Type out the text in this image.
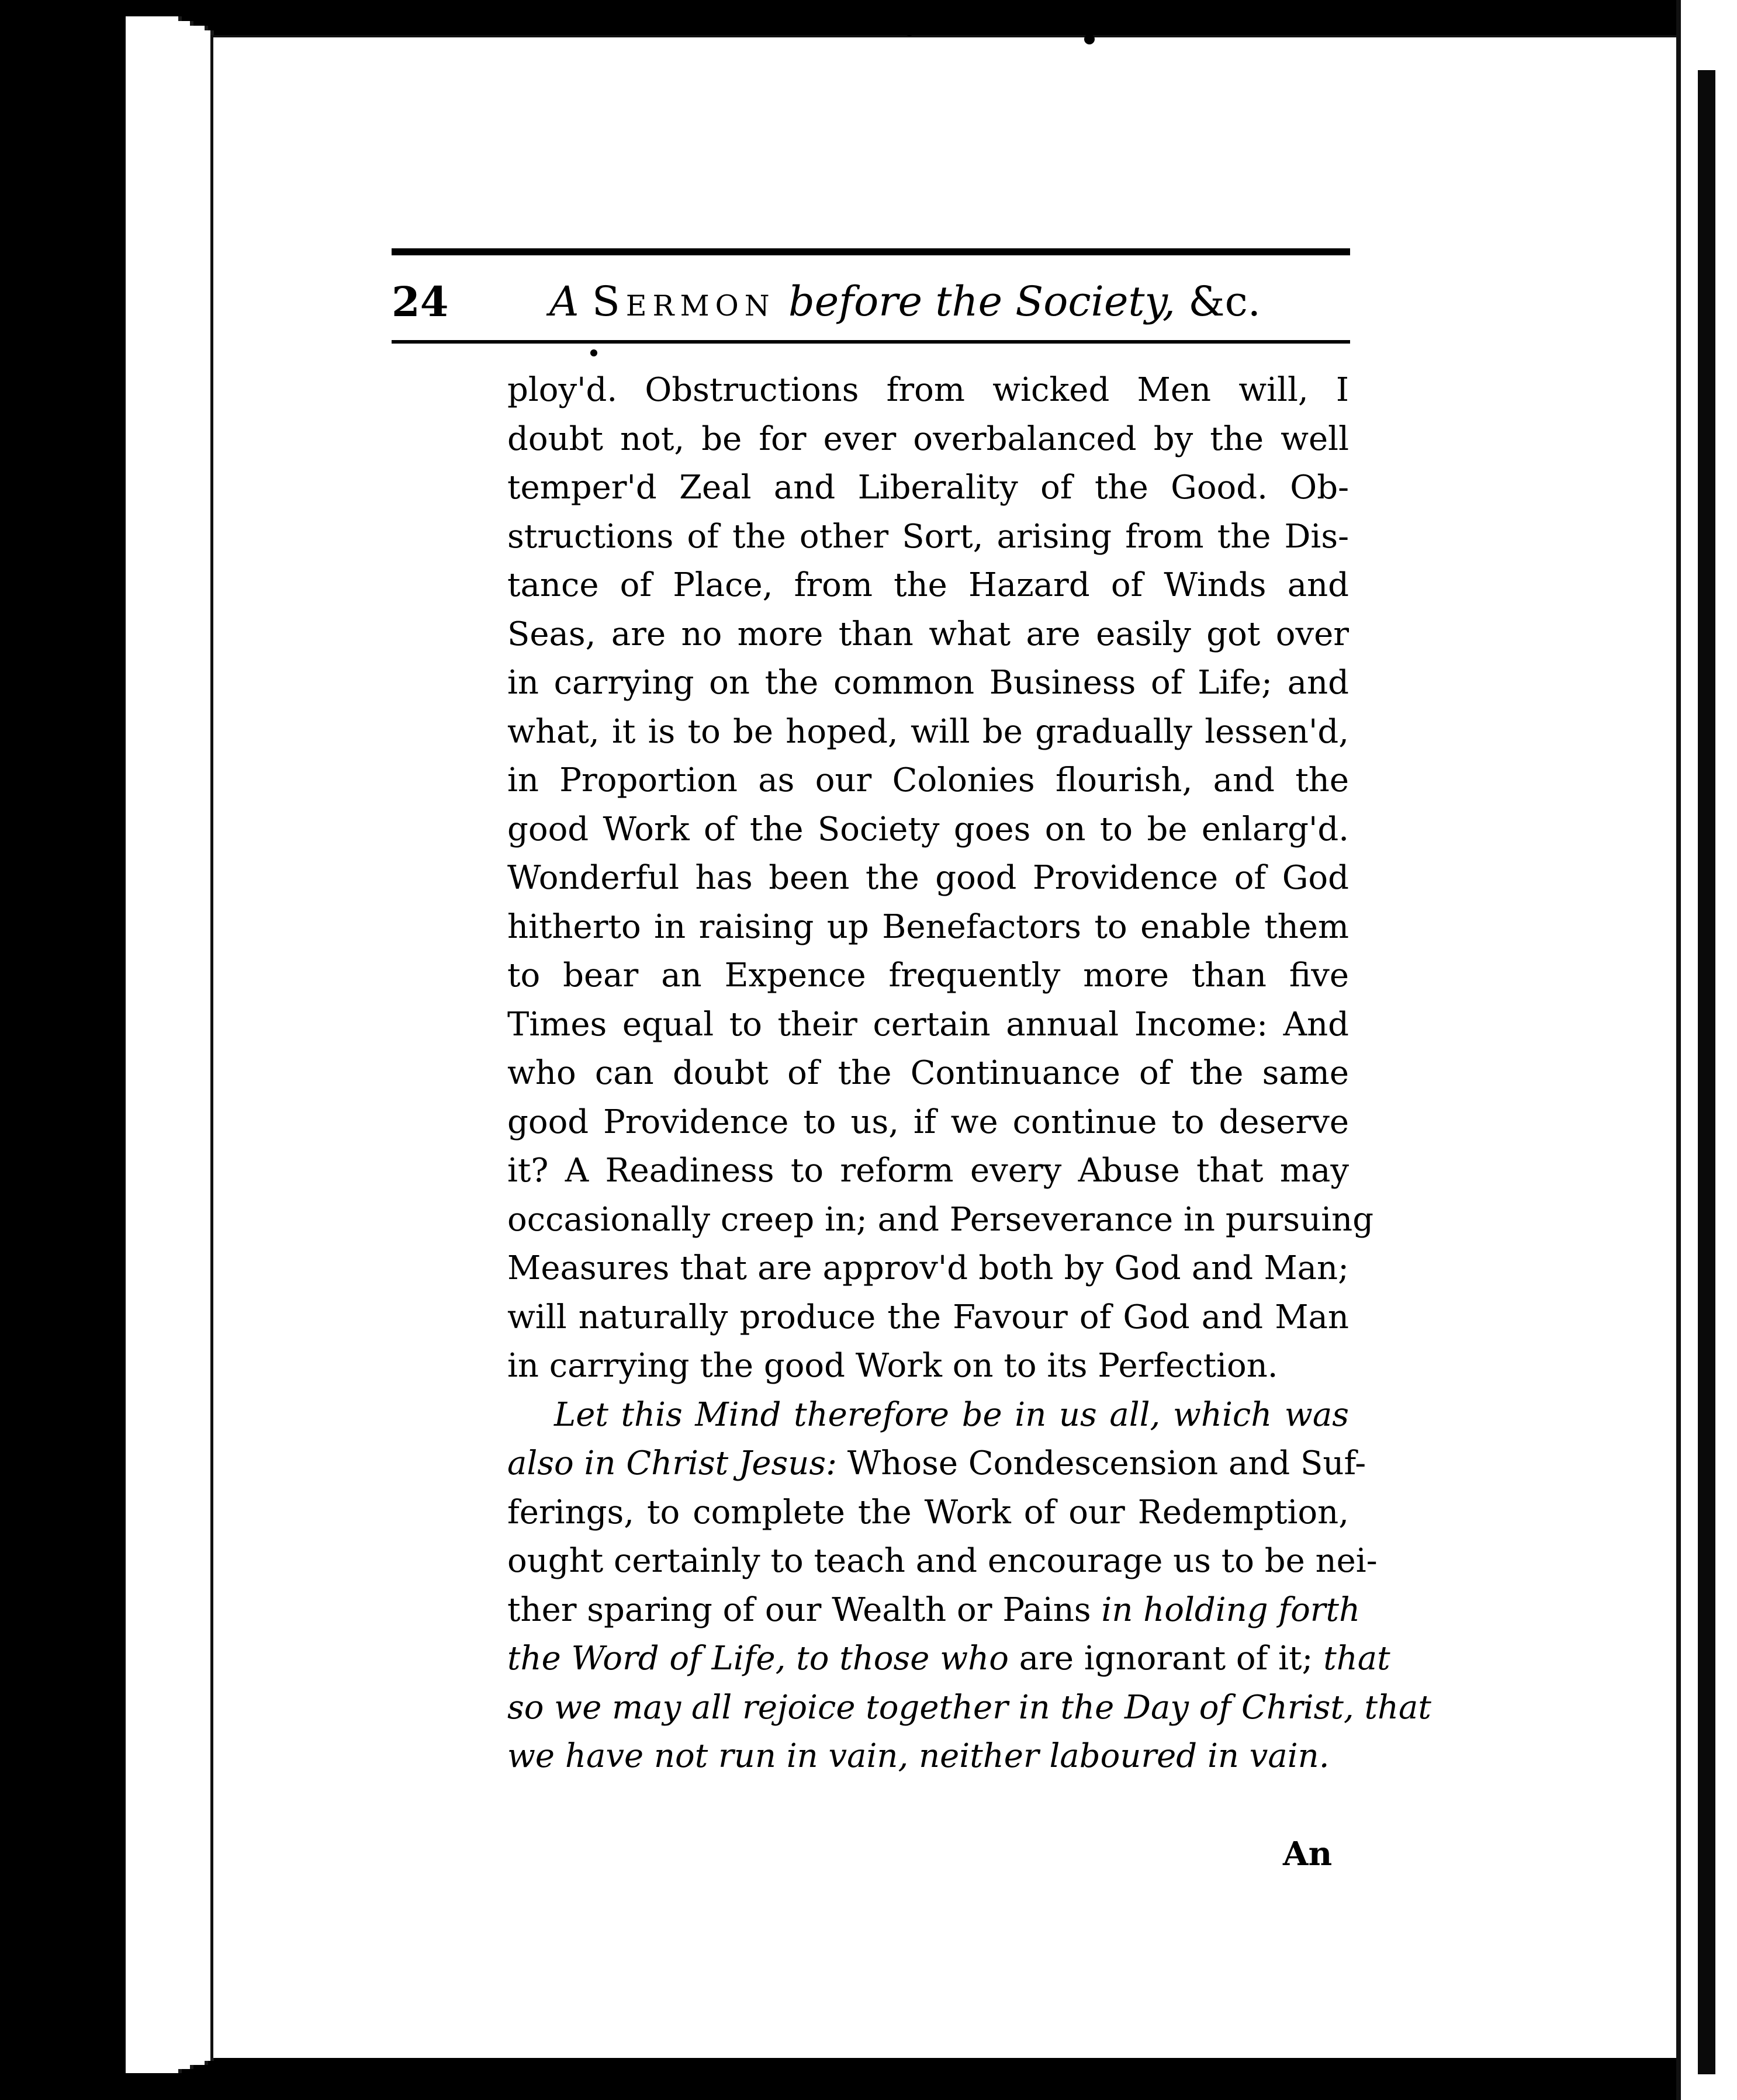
24 A Sermon before the Society, &c.
ploy'd. Obstructions from wicked Men will, I
doubt not, be for ever overbalanced by the well
temper'd Zeal and Liberality of the Good. Ob-
structions of the other Sort, arising from the Dis-
tance of Place, from the Hazard of Winds and
Seas, are no more than what are easily got over
in carrying on the common Business of Life; and
what, it is to be hoped, will be gradually lessen'd,
in Proportion as our Colonies flourish, and the
good Work of the Society goes on to be enlarg'd.
Wonderful has been the good Providence of God
hitherto in raising up Benefactors to enable them
to bear an Expence frequently more than five
Times equal to their certain annual Income: And
who can doubt of the Continuance of the same
good Providence to us, if we continue to deserve
it? A Readiness to reform every Abuse that may
occasionally creep in; and Perseverance in pursuing
Measures that are approv'd both by God and Man;
will naturally produce the Favour of God and Man
in carrying the good Work on to its Perfection.
Let this Mind therefore be in us all, which was
also in Christ Jesus: Whose Condescension and Suf-
ferings, to complete the Work of our Redemption,
ought certainly to teach and encourage us to be nei-
ther sparing of our Wealth or Pains in holding forth
the Word of Life, to those who are ignorant of it; that
so we may all rejoice together in the Day of Christ, that
we have not run in vain, neither laboured in vain.
An
